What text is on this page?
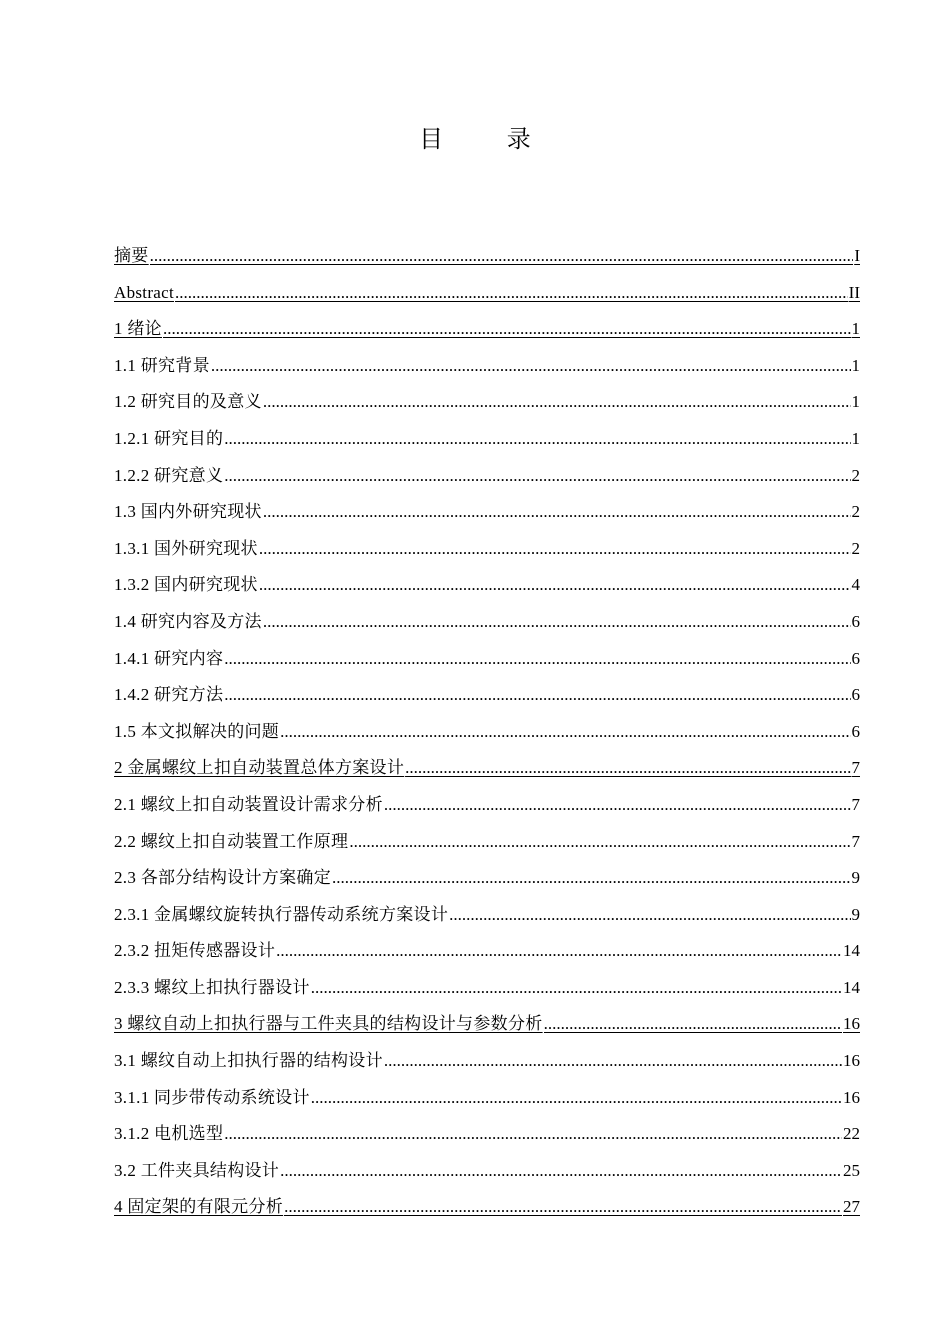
目 录
摘要 .....	I
Abstract .....	II
1 绪论 .....	1
1.1 研究背景 .....	1
1.2 研究目的及意义 .....	1
1.2.1 研究目的 .....	1
1.2.2 研究意义 .....	2
1.3 国内外研究现状 .....	2
1.3.1 国外研究现状 .....	2
1.3.2 国内研究现状 .....	4
1.4 研究内容及方法 .....	6
1.4.1 研究内容 .....	6
1.4.2 研究方法 .....	6
1.5 本文拟解决的问题 .....	6
2 金属螺纹上扣自动装置总体方案设计 .....	7
2.1 螺纹上扣自动装置设计需求分析 .....	7
2.2 螺纹上扣自动装置工作原理 .....	7
2.3 各部分结构设计方案确定 .....	9
2.3.1 金属螺纹旋转执行器传动系统方案设计 .....	9
2.3.2 扭矩传感器设计 .....	14
2.3.3 螺纹上扣执行器设计 .....	14
3 螺纹自动上扣执行器与工件夹具的结构设计与参数分析 .....	16
3.1 螺纹自动上扣执行器的结构设计 .....	16
3.1.1 同步带传动系统设计 .....	16
3.1.2 电机选型 .....	22
3.2 工件夹具结构设计 .....	25
4 固定架的有限元分析 .....	27
